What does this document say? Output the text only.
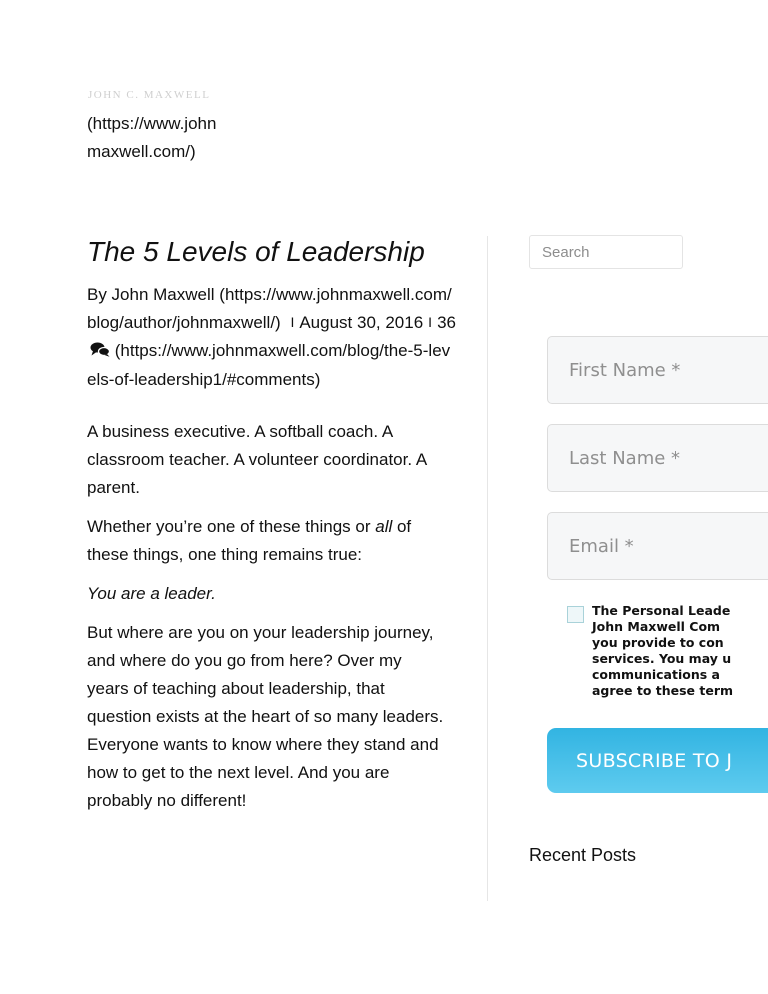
JOHN C. MAXWELL

(https://www.john
maxwell.com/)
The 5 Levels of Leadership
By John Maxwell (https://www.johnmaxwell.com/blog/author/johnmaxwell/) I August 30, 2016 I 36 (https://www.johnmaxwell.com/blog/the-5-levels-of-leadership1/#comments)

A business executive. A softball coach. A classroom teacher. A volunteer coordinator. A parent.

Whether you’re one of these things or all of these things, one thing remains true:

You are a leader.

But where are you on your leadership journey, and where do you go from here? Over my years of teaching about leadership, that question exists at the heart of so many leaders. Everyone wants to know where they stand and how to get to the next level. And you are probably no different!

Search
First Name *
Last Name *
Email *
The Personal Leade
John Maxwell Com
you provide to con
services. You may u
communications a
agree to these term
SUBSCRIBE TO J
Recent Posts
